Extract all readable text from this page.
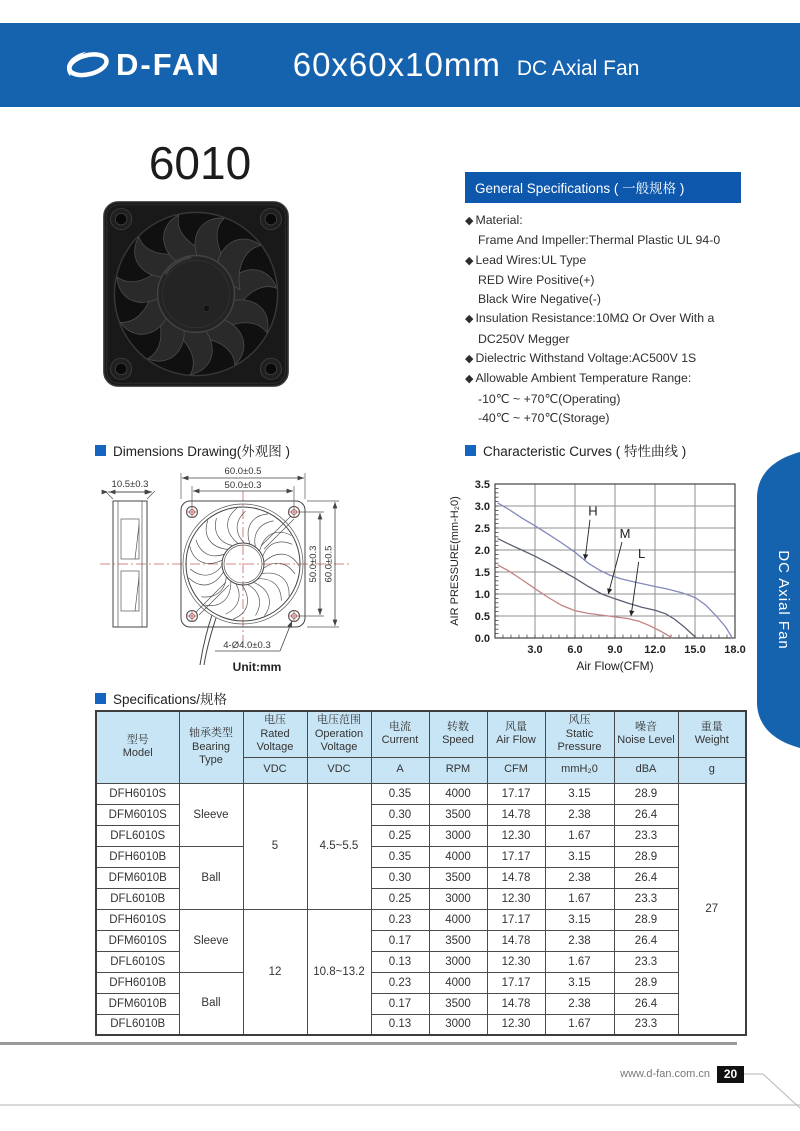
D-FAN 60x60x10mm DC Axial Fan
6010	General Specifications ( 一般规格 )
◆ Material:
Frame And Impeller:Thermal Plastic UL 94-0
◆ Lead Wires:UL Type
RED Wire Positive(+)
Black Wire Negative(-)
◆ Insulation Resistance:10MΩ Or Over With a
DC250V Megger
◆ Dielectric Withstand Voltage:AC500V 1S
◆ Allowable Ambient Temperature Range:
-10℃ ~ +70℃(Operating)
-40℃ ~ +70℃(Storage)
Dimensions Drawing(外观图 )	Characteristic Curves ( 特性曲线 )
10.5±0.3
60.0±0.5
50.0±0.3
50.0±0.3 60.0±0.5
4-Ø4.0±0.3
Unit:mm
AIR PRESSURE(mm-H₂0)
Air Flow(CFM)
0.0
0.5
1.0
1.5
2.0
2.5
3.0
3.5
3.0 6.0 9.0 12.0 15.0 18.0
H
M
L	DC Axial Fan
Specifications/规格
型号
Model	轴承类型
Bearing
Type	电压
Rated
Voltage	电压范围
Operation
Voltage	电流
Current	转数
Speed	风量
Air Flow	风压
Static
Pressure	噪音
Noise Level	重量
Weight
		VDC	VDC	A	RPM	CFM	mmH₂0	dBA	g
DFH6010S	Sleeve	5	4.5~5.5	0.35	4000	17.17	3.15	28.9	27
DFM6010S				0.30	3500	14.78	2.38	26.4	
DFL6010S				0.25	3000	12.30	1.67	23.3	
DFH6010B	Ball			0.35	4000	17.17	3.15	28.9	
DFM6010B				0.30	3500	14.78	2.38	26.4	
DFL6010B				0.25	3000	12.30	1.67	23.3	
DFH6010S	Sleeve	12	10.8~13.2	0.23	4000	17.17	3.15	28.9	
DFM6010S				0.17	3500	14.78	2.38	26.4	
DFL6010S				0.13	3000	12.30	1.67	23.3	
DFH6010B	Ball			0.23	4000	17.17	3.15	28.9	
DFM6010B				0.17	3500	14.78	2.38	26.4	
DFL6010B				0.13	3000	12.30	1.67	23.3	
www.d-fan.com.cn	20
